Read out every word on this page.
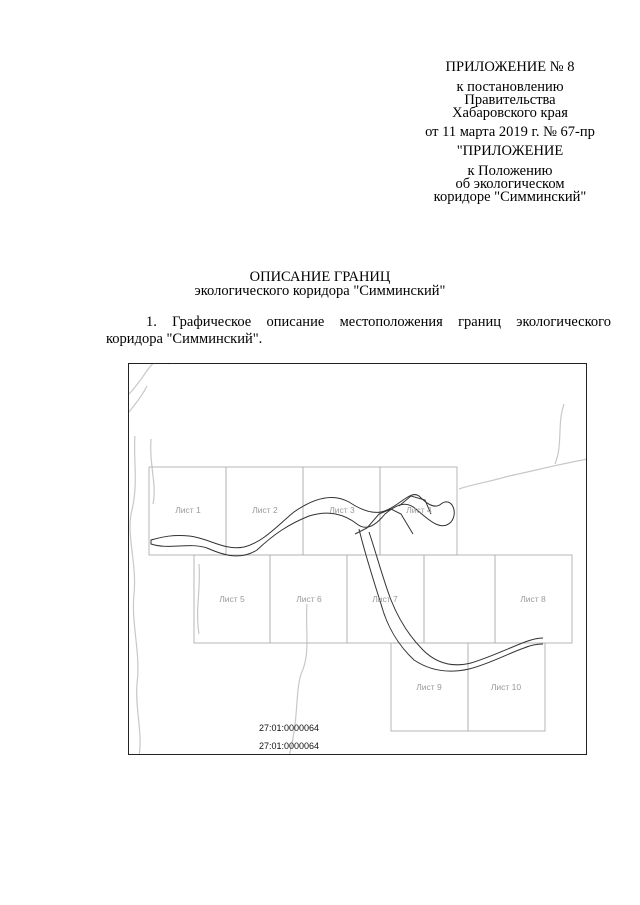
ПРИЛОЖЕНИЕ № 8
к постановлению
Правительства
Хабаровского края
от 11 марта 2019 г. № 67-пр
"ПРИЛОЖЕНИЕ
к Положению
об экологическом
коридоре "Симминский"
ОПИСАНИЕ ГРАНИЦ
экологического коридора "Симминский"
1. Графическое описание местоположения границ экологического коридора "Симминский".
Лист 1	Лист 2	Лист 3	Лист 4
Лист 5	Лист 6	Лист 7	Лист 8
Лист 9	Лист 10
27:01:0000064
27:01:0000064
